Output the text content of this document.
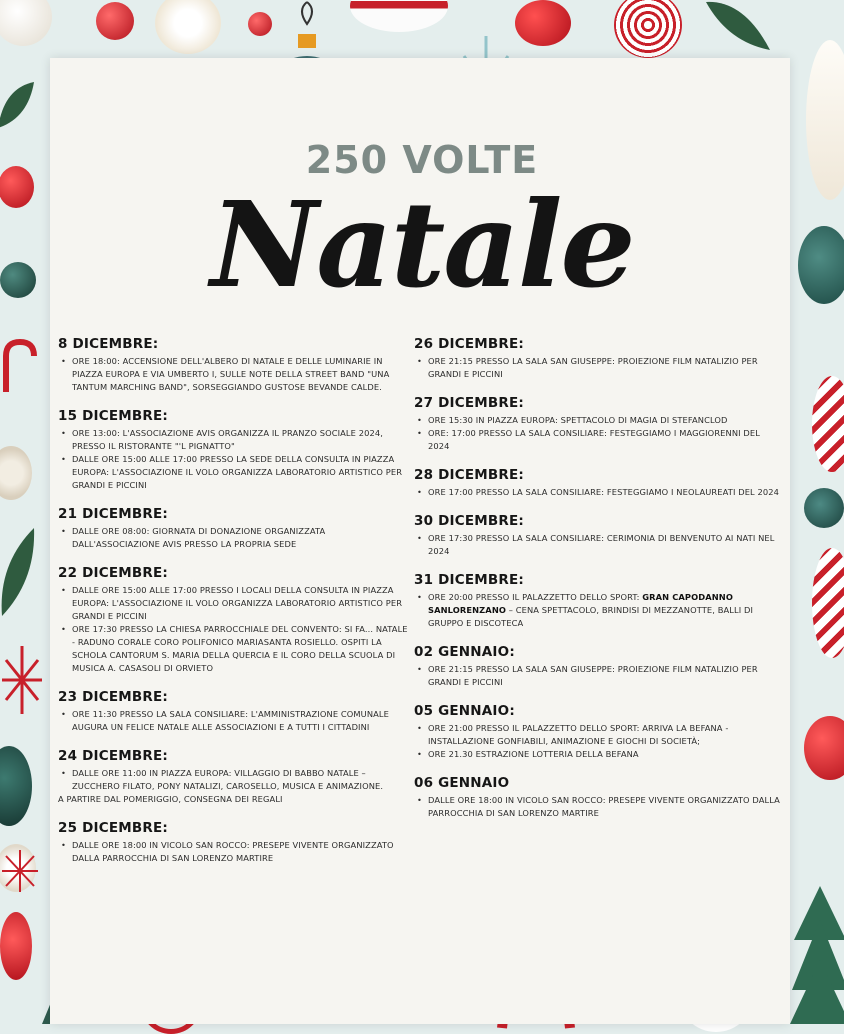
250 VOLTE
Natale
8 DICEMBRE:
• ORE 18:00: ACCENSIONE DELL'ALBERO DI NATALE E DELLE LUMINARIE IN PIAZZA EUROPA E VIA UMBERTO I, SULLE NOTE DELLA STREET BAND "UNA TANTUM MARCHING BAND", SORSEGGIANDO GUSTOSE BEVANDE CALDE.
15 DICEMBRE:
• ORE 13:00: L'ASSOCIAZIONE AVIS ORGANIZZA IL PRANZO SOCIALE 2024, PRESSO IL RISTORANTE "'L PIGNATTO"
• DALLE ORE 15:00 ALLE 17:00 PRESSO LA SEDE DELLA CONSULTA IN PIAZZA EUROPA: L'ASSOCIAZIONE IL VOLO ORGANIZZA LABORATORIO ARTISTICO PER GRANDI E PICCINI
21 DICEMBRE:
• DALLE ORE 08:00: GIORNATA DI DONAZIONE ORGANIZZATA DALL'ASSOCIAZIONE AVIS PRESSO LA PROPRIA SEDE
22 DICEMBRE:
• DALLE ORE 15:00 ALLE 17:00 PRESSO I LOCALI DELLA CONSULTA IN PIAZZA EUROPA: L'ASSOCIAZIONE IL VOLO ORGANIZZA LABORATORIO ARTISTICO PER GRANDI E PICCINI
• ORE 17:30 PRESSO LA CHIESA PARROCCHIALE DEL CONVENTO: SI FA... NATALE - RADUNO CORALE CORO POLIFONICO MARIASANTA ROSIELLO. OSPITI LA SCHOLA CANTORUM S. MARIA DELLA QUERCIA E IL CORO DELLA SCUOLA DI MUSICA A. CASASOLI DI ORVIETO
23 DICEMBRE:
• ORE 11:30 PRESSO LA SALA CONSILIARE: L'AMMINISTRAZIONE COMUNALE AUGURA UN FELICE NATALE ALLE ASSOCIAZIONI E A TUTTI I CITTADINI
24 DICEMBRE:
• DALLE ORE 11:00 IN PIAZZA EUROPA: VILLAGGIO DI BABBO NATALE – ZUCCHERO FILATO, PONY NATALIZI, CAROSELLO, MUSICA E ANIMAZIONE.
A PARTIRE DAL POMERIGGIO, CONSEGNA DEI REGALI
25 DICEMBRE:
• DALLE ORE 18:00 IN VICOLO SAN ROCCO: PRESEPE VIVENTE ORGANIZZATO DALLA PARROCCHIA DI SAN LORENZO MARTIRE
26 DICEMBRE:
• ORE 21:15 PRESSO LA SALA SAN GIUSEPPE: PROIEZIONE FILM NATALIZIO PER GRANDI E PICCINI
27 DICEMBRE:
• ORE 15:30 IN PIAZZA EUROPA: SPETTACOLO DI MAGIA DI STEFANCLOD
• ORE: 17:00 PRESSO LA SALA CONSILIARE: FESTEGGIAMO I MAGGIORENNI DEL 2024
28 DICEMBRE:
• ORE 17:00 PRESSO LA SALA CONSILIARE: FESTEGGIAMO I NEOLAUREATI DEL 2024
30 DICEMBRE:
• ORE 17:30 PRESSO LA SALA CONSILIARE: CERIMONIA DI BENVENUTO AI NATI NEL 2024
31 DICEMBRE:
• ORE 20:00 PRESSO IL PALAZZETTO DELLO SPORT: GRAN CAPODANNO SANLORENZANO – CENA SPETTACOLO, BRINDISI DI MEZZANOTTE, BALLI DI GRUPPO E DISCOTECA
02 GENNAIO:
• ORE 21:15 PRESSO LA SALA SAN GIUSEPPE: PROIEZIONE FILM NATALIZIO PER GRANDI E PICCINI
05 GENNAIO:
• ORE 21:00 PRESSO IL PALAZZETTO DELLO SPORT: ARRIVA LA BEFANA - INSTALLAZIONE GONFIABILI, ANIMAZIONE E GIOCHI DI SOCIETÀ;
• ORE 21.30 ESTRAZIONE LOTTERIA DELLA BEFANA
06 GENNAIO
• DALLE ORE 18:00 IN VICOLO SAN ROCCO: PRESEPE VIVENTE ORGANIZZATO DALLA PARROCCHIA DI SAN LORENZO MARTIRE
